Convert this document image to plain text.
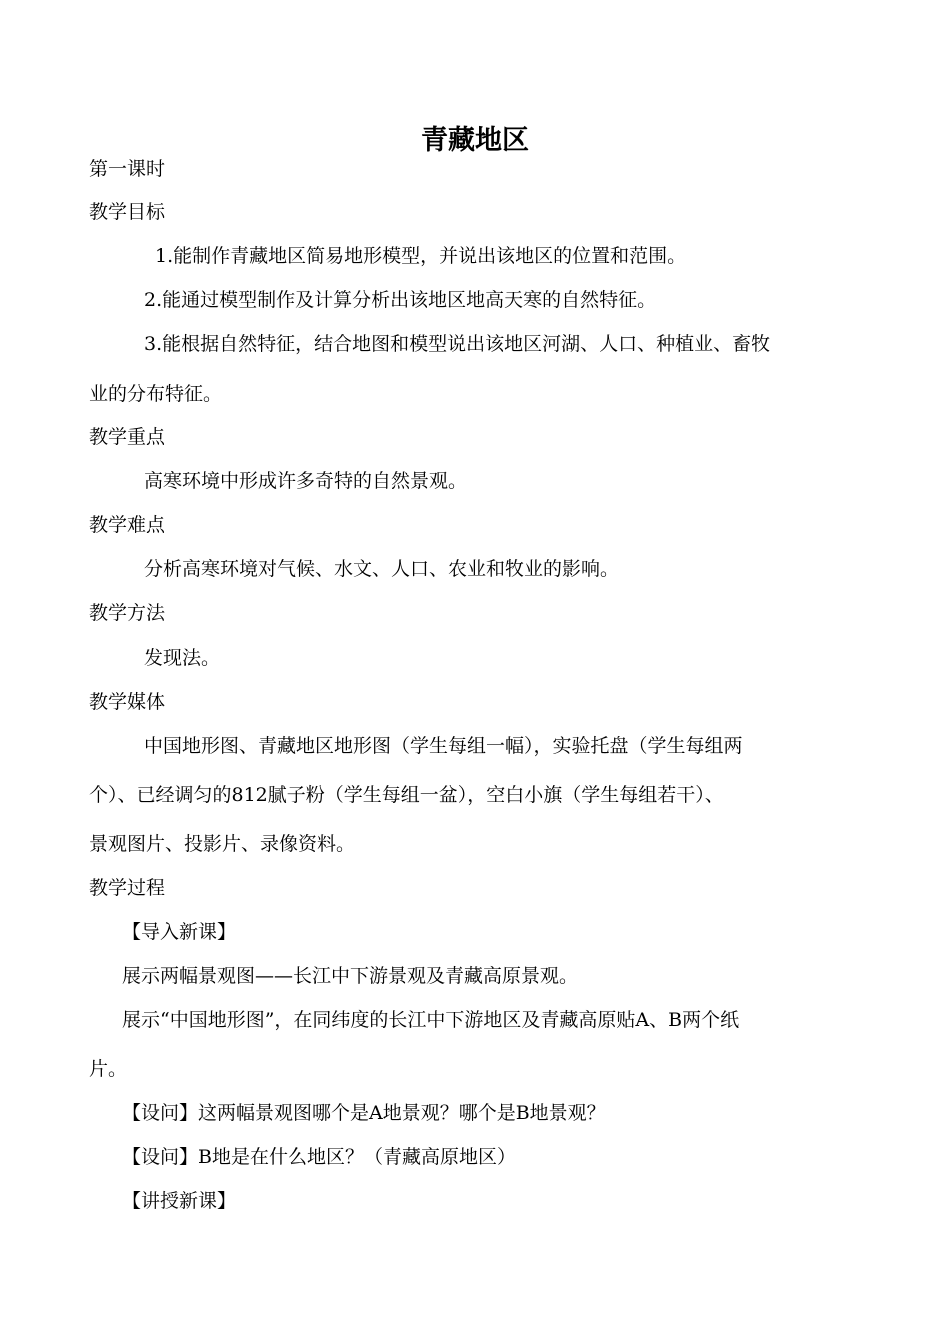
青藏地区
第一课时
教学目标
1.能制作青藏地区简易地形模型，并说出该地区的位置和范围。
2.能通过模型制作及计算分析出该地区地高天寒的自然特征。
3.能根据自然特征，结合地图和模型说出该地区河湖、人口、种植业、畜牧
业的分布特征。
教学重点
高寒环境中形成许多奇特的自然景观。
教学难点
分析高寒环境对气候、水文、人口、农业和牧业的影响。
教学方法
发现法。
教学媒体
中国地形图、青藏地区地形图（学生每组一幅），实验托盘（学生每组两
个）、已经调匀的812腻子粉（学生每组一盆），空白小旗（学生每组若干）、
景观图片、投影片、录像资料。
教学过程
【导入新课】
展示两幅景观图——长江中下游景观及青藏高原景观。
展示“中国地形图”，在同纬度的长江中下游地区及青藏高原贴A、B两个纸
片。
【设问】这两幅景观图哪个是A地景观？哪个是B地景观？
【设问】B地是在什么地区？（青藏高原地区）
【讲授新课】
